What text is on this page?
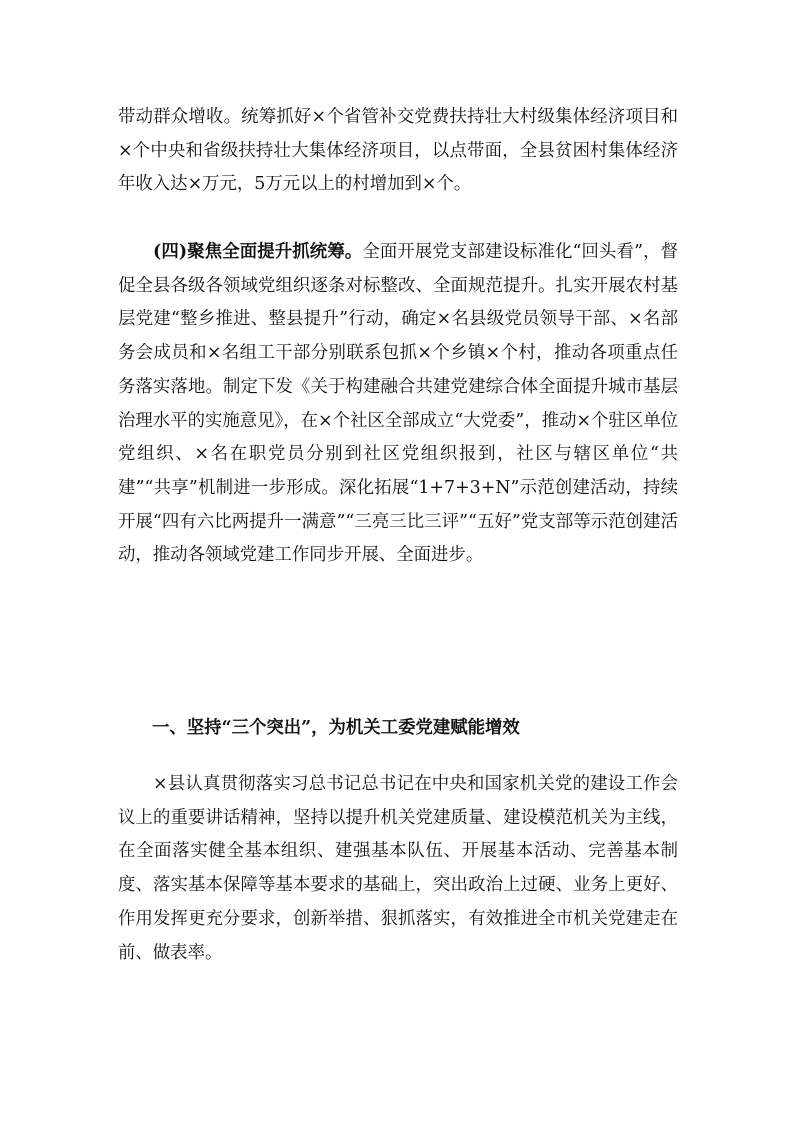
带动群众增收。统筹抓好×个省管补交党费扶持壮大村级集体经济项目和×个中央和省级扶持壮大集体经济项目，以点带面，全县贫困村集体经济年收入达×万元，5万元以上的村增加到×个。

(四)聚焦全面提升抓统筹。全面开展党支部建设标准化“回头看”，督促全县各级各领域党组织逐条对标整改、全面规范提升。扎实开展农村基层党建“整乡推进、整县提升”行动，确定×名县级党员领导干部、×名部务会成员和×名组工干部分别联系包抓×个乡镇×个村，推动各项重点任务落实落地。制定下发《关于构建融合共建党建综合体全面提升城市基层治理水平的实施意见》，在×个社区全部成立“大党委”，推动×个驻区单位党组织、×名在职党员分别到社区党组织报到，社区与辖区单位“共建”“共享”机制进一步形成。深化拓展“1+7+3+N”示范创建活动，持续开展“四有六比两提升一满意”“三亮三比三评”“五好”党支部等示范创建活动，推动各领域党建工作同步开展、全面进步。

一、坚持“三个突出”，为机关工委党建赋能增效

×县认真贯彻落实习总书记总书记在中央和国家机关党的建设工作会议上的重要讲话精神，坚持以提升机关党建质量、建设模范机关为主线，在全面落实健全基本组织、建强基本队伍、开展基本活动、完善基本制度、落实基本保障等基本要求的基础上，突出政治上过硬、业务上更好、作用发挥更充分要求，创新举措、狠抓落实，有效推进全市机关党建走在前、做表率。
